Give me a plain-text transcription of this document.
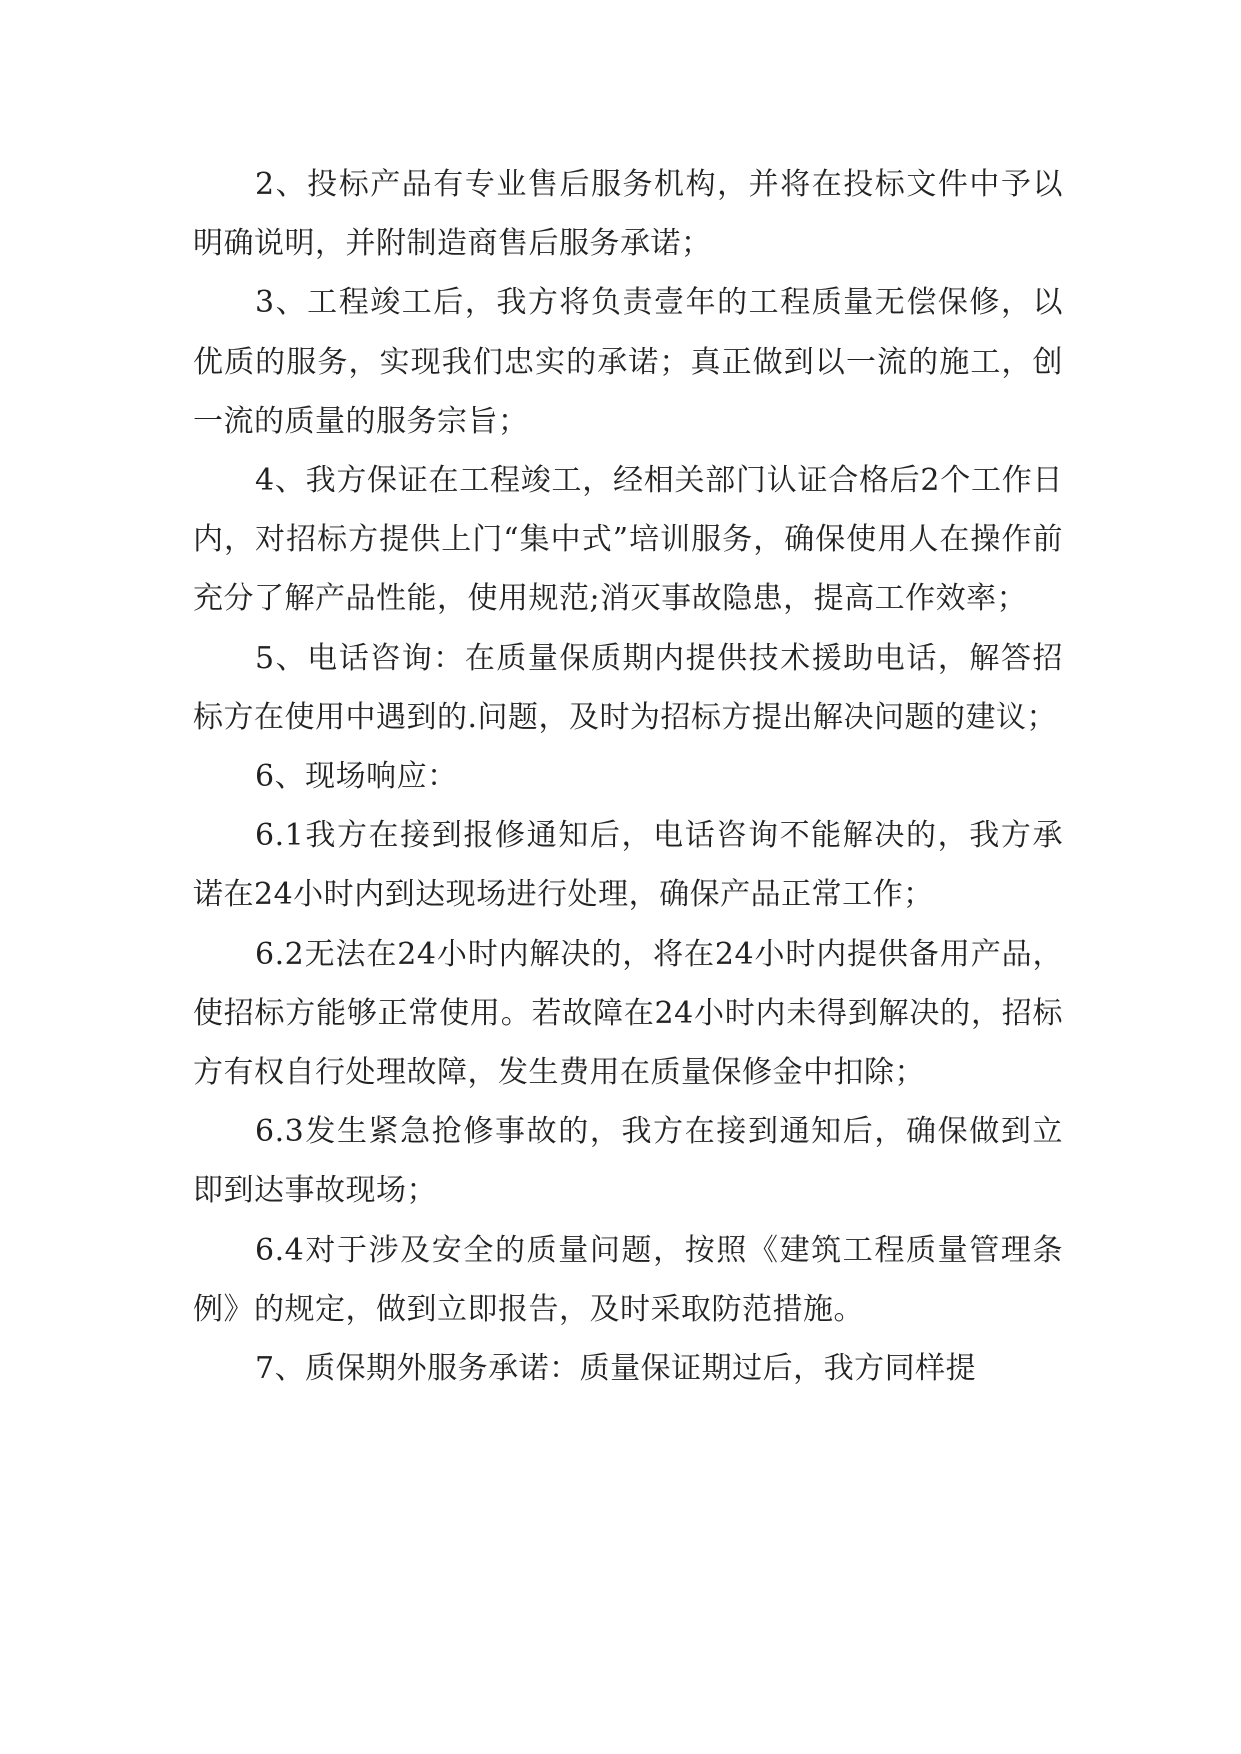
2、投标产品有专业售后服务机构，并将在投标文件中予以明确说明，并附制造商售后服务承诺；

3、工程竣工后，我方将负责壹年的工程质量无偿保修，以优质的服务，实现我们忠实的承诺；真正做到以一流的施工，创一流的质量的服务宗旨；

4、我方保证在工程竣工，经相关部门认证合格后2个工作日内，对招标方提供上门“集中式”培训服务，确保使用人在操作前充分了解产品性能，使用规范;消灭事故隐患，提高工作效率；

5、电话咨询：在质量保质期内提供技术援助电话，解答招标方在使用中遇到的.问题，及时为招标方提出解决问题的建议；

6、现场响应：

6.1我方在接到报修通知后，电话咨询不能解决的，我方承诺在24小时内到达现场进行处理，确保产品正常工作；

6.2无法在24小时内解决的，将在24小时内提供备用产品，使招标方能够正常使用。若故障在24小时内未得到解决的，招标方有权自行处理故障，发生费用在质量保修金中扣除；

6.3发生紧急抢修事故的，我方在接到通知后，确保做到立即到达事故现场；

6.4对于涉及安全的质量问题，按照《建筑工程质量管理条例》的规定，做到立即报告，及时采取防范措施。

7、质保期外服务承诺：质量保证期过后，我方同样提
